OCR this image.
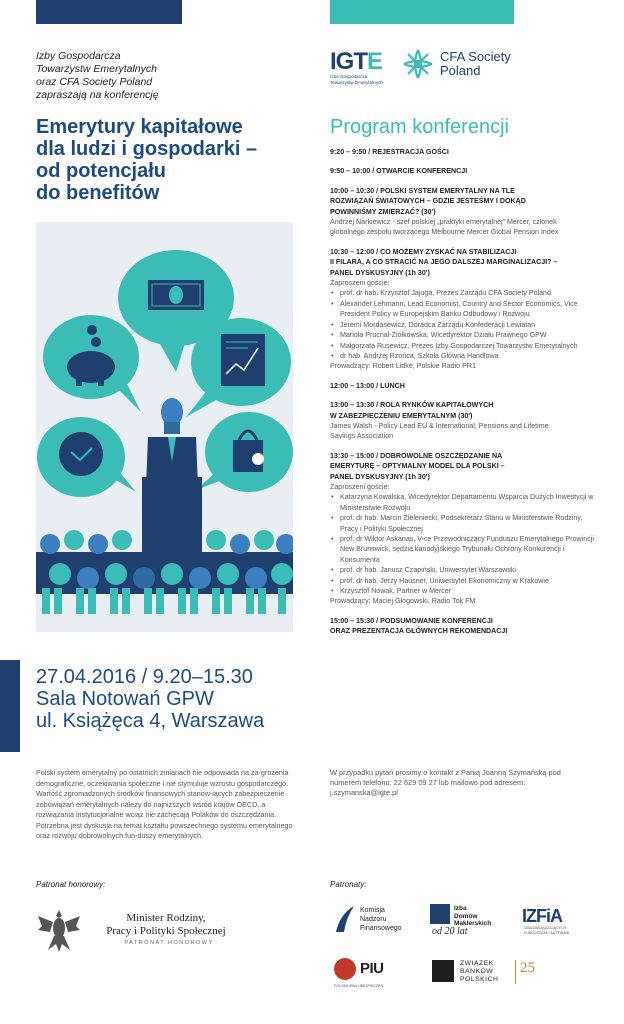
Izby Gospodarcza
Towarzystw Emerytalnych
oraz CFA Society Poland
zapraszają na konferencję
Emerytury kapitałowe
dla ludzi i gospodarki –
od potencjału
do benefitów
27.04.2016 / 9.20–15.30
Sala Notowań GPW
ul. Książęca 4, Warszawa
Polski system emerytalny po ostatnich zmianach nie odpowiada na za-grożenia demograficzne, oczekiwania społeczne i nie stymuluje wzrostu gospodarczego. Wartość zgromadzonych środków finansowych stanow-iących zabezpieczenie zobowiązań emerytalnych należy do najniższych wśród krajów OECD, a rozwiązania instytucjonalne wciąż nie zachęcają Polaków do oszczędzania. Potrzebna jest dyskusja na temat kształtu powszechnego systemu emerytalnego oraz rozwoju dobrowolnych fun-duszy emerytalnych.
IGTE
Izba Gospodarcza
Towarzystw Emerytalnych
CFA Society
Poland
Program konferencji
9:20 – 9:50 / REJESTRACJA GOŚCI
9:50 – 10:00 / OTWARCIE KONFERENCJI
10:00 – 10:30 / POLSKI SYSTEM EMERYTALNY NA TLE
ROZWIĄZAŃ ŚWIATOWYCH – GDZIE JESTEŚMY I DOKĄD
POWINNIŚMY ZMIERZAĆ? (30')
Andrzej Narkiewicz - szef polskiej „praktyki emerytalnej” Mercer, członek
globalnego zespołu tworzącego Melbourne Mercer Global Pension Index
10:30 – 12:00 / CO MOŻEMY ZYSKAĆ NA STABILIZACJI
II FILARA, A CO STRACIĆ NA JEGO DALSZEJ MARGINALIZACJI? –
PANEL DYSKUSYJNY (1h 30')
Zaproszeni goście:
• prof. dr hab. Krzysztof Jajuga, Prezes Zarządu CFA Society Poland
• Alexander Lehmann, Lead Economist, Country and Sector Economics, Vice President Policy w Europejskim Banku Odbudowy i Rozwoju
• Jeremi Mordasewicz, Doradca Zarządu Konfederacji Lewiatan
• Mariola Prucnal-Ziółkowska, Wicedyrektor Działu Prawnego GPW
• Małgorzata Rusewicz, Prezes Izby Gospodarczej Towarzystw Emerytalnych
• dr hab. Andrzej Rzońca, Szkoła Główna Handlowa
Prowadzący: Robert Lidke, Polskie Radio PR1
12:00 – 13:00 / LUNCH
13:00 – 13:30 / ROLA RYNKÓW KAPITAŁOWYCH
W ZABEZPIECZENIU EMERYTALNYM (30')
James Walsh - Policy Lead EU & International, Pensions and Lifetime
Savings Association
13:30 – 15:00 / DOBROWOLNE OSZCZĘDZANIE NA
EMERYTURĘ – OPTYMALNY MODEL DLA POLSKI –
PANEL DYSKUSYJNY (1h 30')
Zaproszeni goście:
• Katarzyna Kowalska, Wicedyrektor Departamentu Wsparcia Dużych Inwestycji w Ministerstwie Rozwoju
• prof. dr hab. Marcin Zieleniecki, Podsekretarz Stanu w Ministerstwie Rodziny, Pracy i Polityki Społecznej
• prof. dr Wiktor Askanas, V-ce Przewodniczący Funduszu Emerytalnego Prowincji New Brunswick, sędzia kanadyjskiego Trybunału Ochrony Konkurencji i Konsumenta
• prof. dr hab. Janusz Czapiński, Uniwersytet Warszawski
• prof. dr hab. Jerzy Hausner, Uniwersytet Ekonomiczny w Krakowie
• Krzysztof Nowak, Partner w Mercer
Prowadzący: Maciej Głogowski, Radio Tok FM
15:00 – 15:30 / PODSUMOWANIE KONFERENCJI
ORAZ PREZENTACJA GŁÓWNYCH REKOMENDACJI
W przypadku pytań prosimy o kontakt z Panią Joanną Szymańską pod numerem telefonu: 22 629 09 27 lub mailowo pod adresem: j.szymanska@igte.pl
Patronat honorowy:
Minister Rodziny,
Pracy i Polityki Społecznej
PATRONAT HONOROWY
Patronaty:
Komisja
Nadzoru
Finansowego
Izba
Domów
Maklerskich
od 20 lat
IZFiA
IZBA ZARZĄDZAJĄCYCH
FUNDUSZAMI I AKTYWAMI
PIU
POLSKA IZBA UBEZPIECZEŃ
ZWIĄZEK
BANKÓW
POLSKICH
25
